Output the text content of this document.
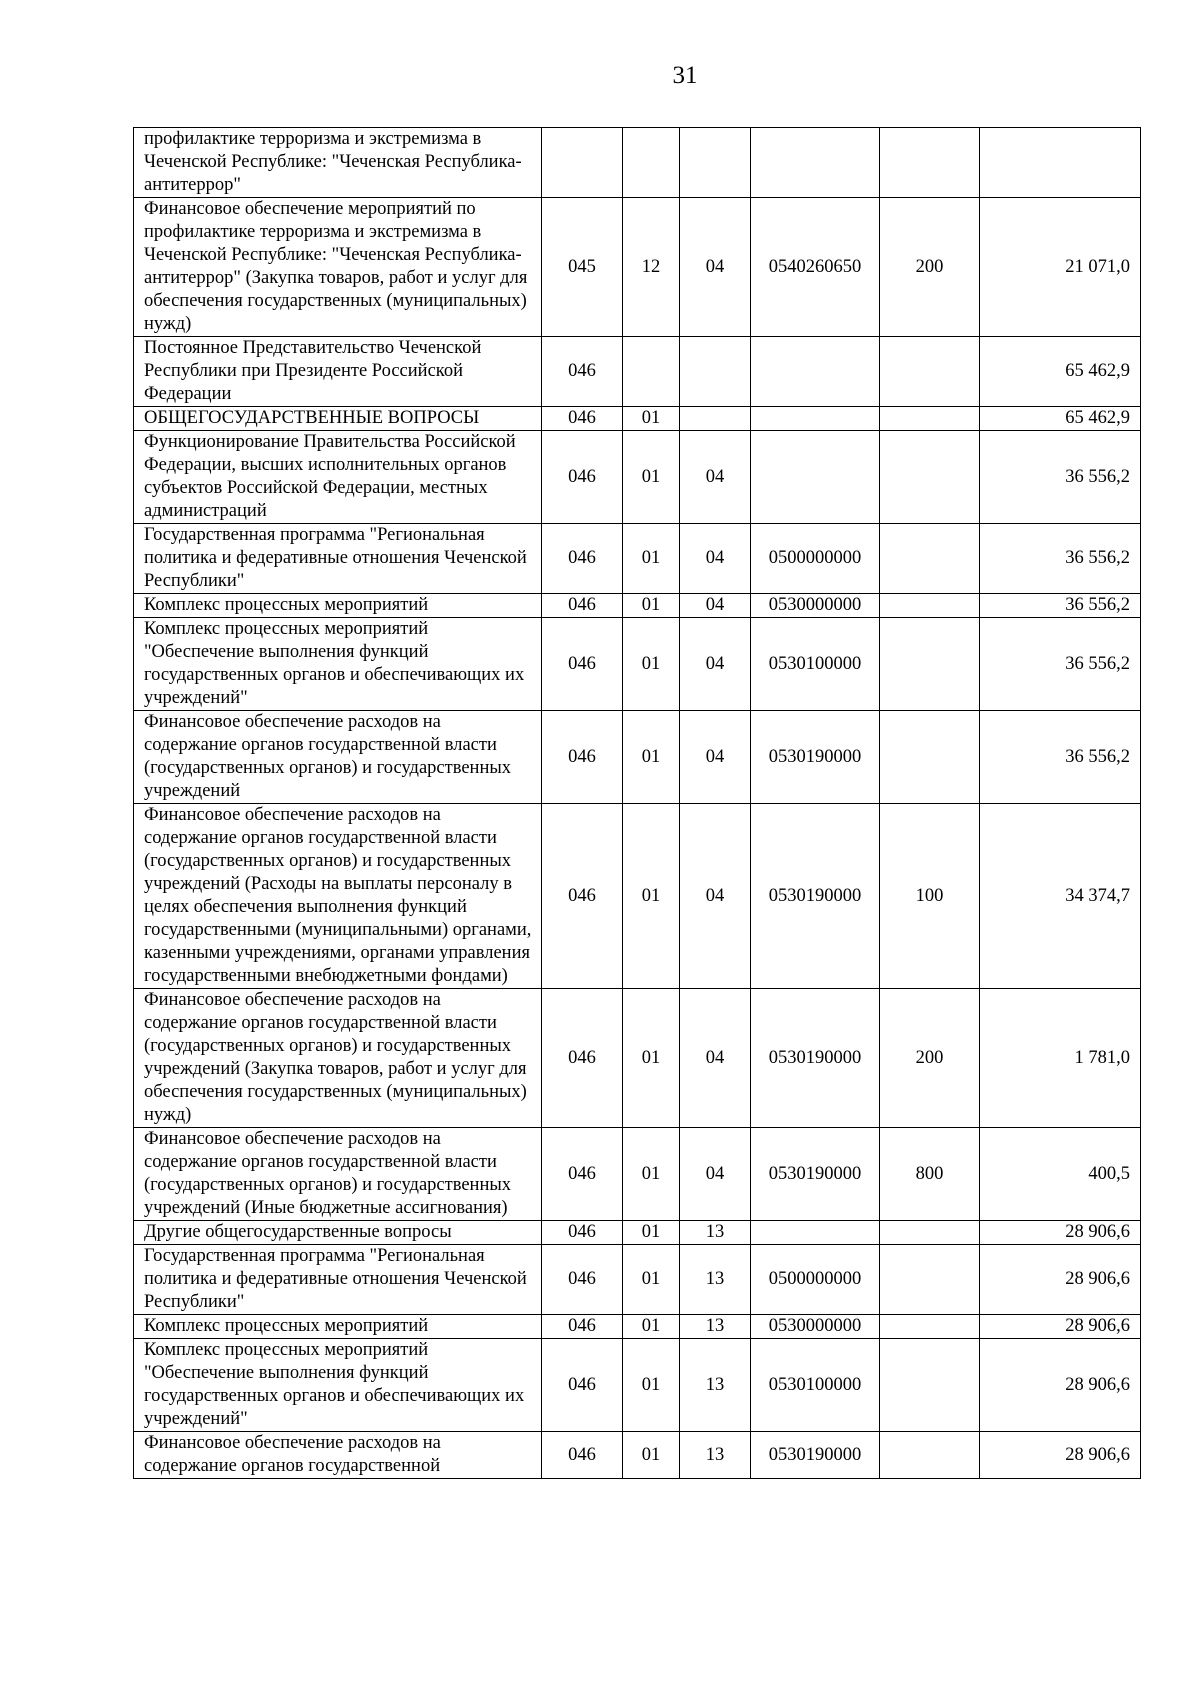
31
профилактике терроризма и экстремизма в Чеченской Республике: "Чеченская Республика-антитеррор"						
Финансовое обеспечение мероприятий по профилактике терроризма и экстремизма в Чеченской Республике: "Чеченская Республика-антитеррор" (Закупка товаров, работ и услуг для обеспечения государственных (муниципальных) нужд)	045	12	04	0540260650	200	21 071,0
Постоянное Представительство Чеченской Республики при Президенте Российской Федерации	046					65 462,9
ОБЩЕГОСУДАРСТВЕННЫЕ ВОПРОСЫ	046	01				65 462,9
Функционирование Правительства Российской Федерации, высших исполнительных органов субъектов Российской Федерации, местных администраций	046	01	04			36 556,2
Государственная программа "Региональная политика и федеративные отношения Чеченской Республики"	046	01	04	0500000000		36 556,2
Комплекс процессных мероприятий	046	01	04	0530000000		36 556,2
Комплекс процессных мероприятий "Обеспечение выполнения функций государственных органов и обеспечивающих их учреждений"	046	01	04	0530100000		36 556,2
Финансовое обеспечение расходов на содержание органов государственной власти (государственных органов) и государственных учреждений	046	01	04	0530190000		36 556,2
Финансовое обеспечение расходов на содержание органов государственной власти (государственных органов) и государственных учреждений (Расходы на выплаты персоналу в целях обеспечения выполнения функций государственными (муниципальными) органами, казенными учреждениями, органами управления государственными внебюджетными фондами)	046	01	04	0530190000	100	34 374,7
Финансовое обеспечение расходов на содержание органов государственной власти (государственных органов) и государственных учреждений (Закупка товаров, работ и услуг для обеспечения государственных (муниципальных) нужд)	046	01	04	0530190000	200	1 781,0
Финансовое обеспечение расходов на содержание органов государственной власти (государственных органов) и государственных учреждений (Иные бюджетные ассигнования)	046	01	04	0530190000	800	400,5
Другие общегосударственные вопросы	046	01	13			28 906,6
Государственная программа "Региональная политика и федеративные отношения Чеченской Республики"	046	01	13	0500000000		28 906,6
Комплекс процессных мероприятий	046	01	13	0530000000		28 906,6
Комплекс процессных мероприятий "Обеспечение выполнения функций государственных органов и обеспечивающих их учреждений"	046	01	13	0530100000		28 906,6
Финансовое обеспечение расходов на содержание органов государственной	046	01	13	0530190000		28 906,6
